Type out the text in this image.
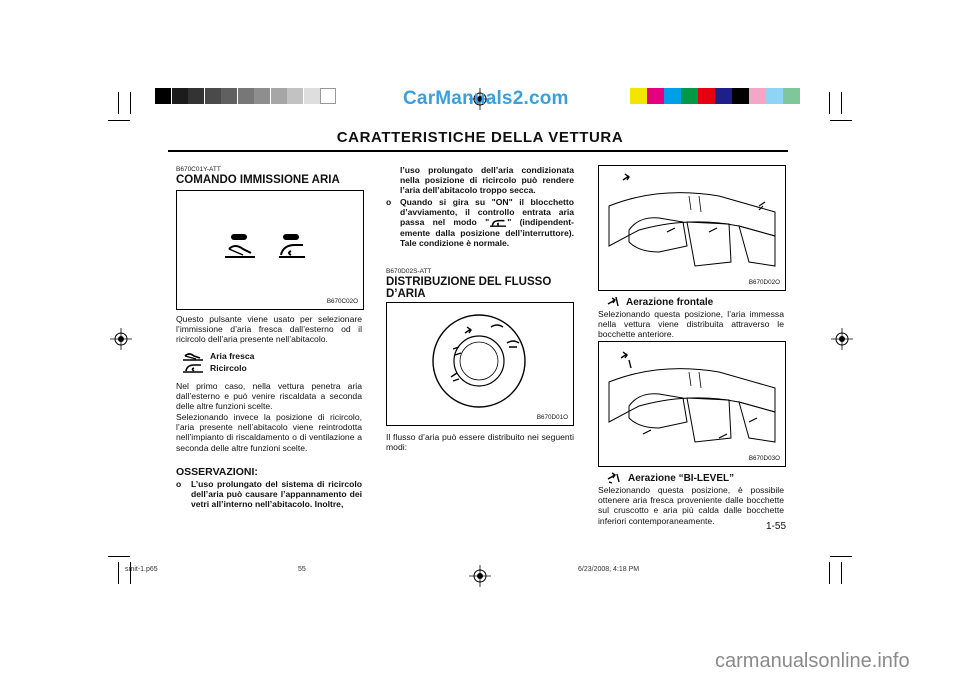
CarManuals2.com
CARATTERISTICHE DELLA VETTURA
B670C01Y-ATT
COMANDO IMMISSIONE ARIA
B670C02O
Questo pulsante viene usato per selezionare l’immissione d’aria fresca dall’esterno od il ricircolo dell’aria presente nell’abitacolo.
Aria fresca
Ricircolo
Nel primo caso, nella vettura penetra aria dall’esterno e può venire riscaldata a seconda delle altre funzioni scelte.
Selezionando invece la posizione di ricircolo, l’aria presente nell’abitacolo viene reintrodotta nell’impianto di riscaldamento o di ventilazione a seconda delle altre funzioni scelte.
OSSERVAZIONI:
o L’uso prolungato del sistema di ricircolo dell’aria può causare l’appannamento dei vetri all’interno nell’abitacolo. Inoltre,
l’uso prolungato dell’aria condizionata nella posizione di ricircolo può rendere l’aria dell’abitacolo troppo secca.
o Quando si gira su "ON" il blocchetto d’avviamento, il controllo entrata aria passa nel modo " " (indipendent-emente dalla posizione dell’interruttore). Tale condizione è normale.
B670D02S-ATT
DISTRIBUZIONE DEL FLUSSO D’ARIA
B670D01O
Il flusso d’aria può essere distribuito nei seguenti modi:
B670D02O
Aerazione frontale
Selezionando questa posizione, l’aria immessa nella vettura viene distribuita attraverso le bocchette anteriore.
B670D03O
Aerazione “BI-LEVEL”
Selezionando questa posizione, è possibile ottenere aria fresca proveniente dalle bocchette sul cruscotto e aria più calda dalle bocchette inferiori contemporaneamente.
1-55
smit-1.p65	55	6/23/2008, 4:18 PM
carmanualsonline.info
